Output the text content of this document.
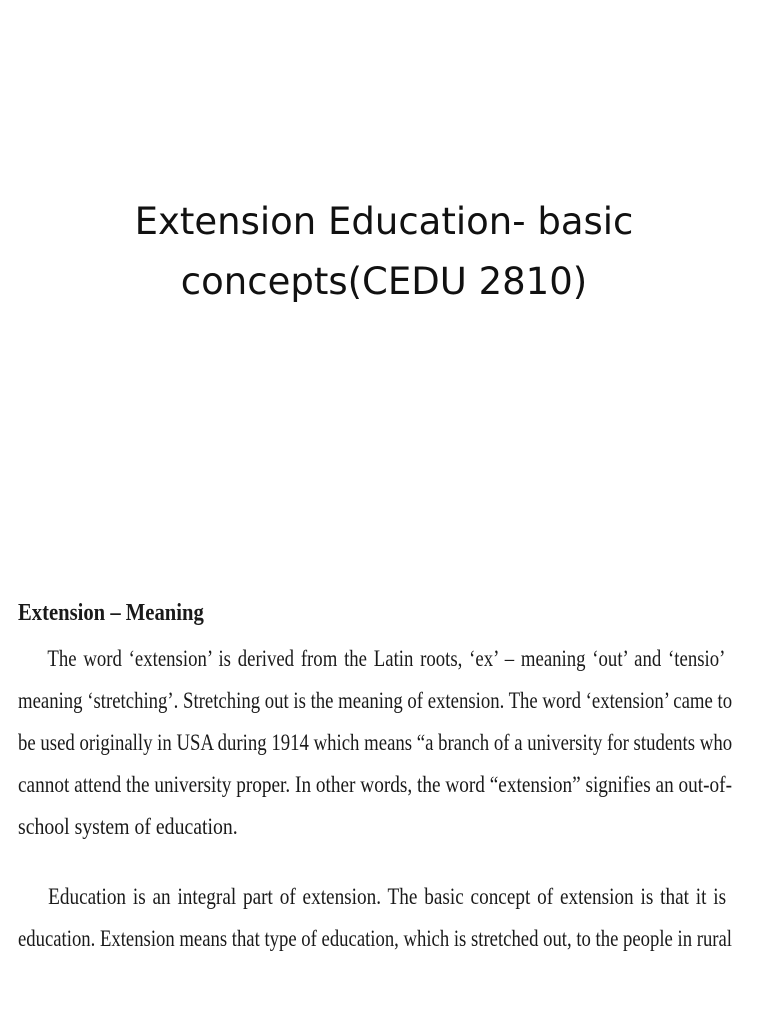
Extension Education- basic
concepts(CEDU 2810)
Extension – Meaning

The word ‘extension’ is derived from the Latin roots, ‘ex’ – meaning ‘out’ and ‘tensio’
meaning ‘stretching’. Stretching out is the meaning of extension. The word ‘extension’ came to
be used originally in USA during 1914 which means “a branch of a university for students who
cannot attend the university proper. In other words, the word “extension” signifies an out-of-
school system of education.

Education is an integral part of extension. The basic concept of extension is that it is
education. Extension means that type of education, which is stretched out, to the people in rural
